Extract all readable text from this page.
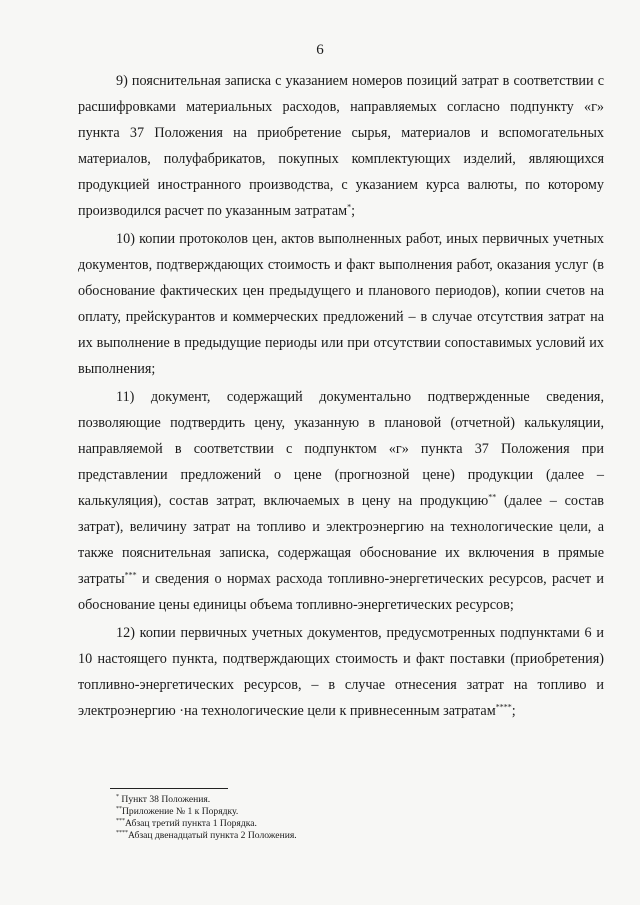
6

9) пояснительная записка с указанием номеров позиций затрат в соответствии с расшифровками материальных расходов, направляемых согласно подпункту «г» пункта 37 Положения на приобретение сырья, материалов и вспомогательных материалов, полуфабрикатов, покупных комплектующих изделий, являющихся продукцией иностранного производства, с указанием курса валюты, по которому производился расчет по указанным затратам*;

10) копии протоколов цен, актов выполненных работ, иных первичных учетных документов, подтверждающих стоимость и факт выполнения работ, оказания услуг (в обоснование фактических цен предыдущего и планового периодов), копии счетов на оплату, прейскурантов и коммерческих предложений – в случае отсутствия затрат на их выполнение в предыдущие периоды или при отсутствии сопоставимых условий их выполнения;

11) документ, содержащий документально подтвержденные сведения, позволяющие подтвердить цену, указанную в плановой (отчетной) калькуляции, направляемой в соответствии с подпунктом «г» пункта 37 Положения при представлении предложений о цене (прогнозной цене) продукции (далее – калькуляция), состав затрат, включаемых в цену на продукцию** (далее – состав затрат), величину затрат на топливо и электроэнергию на технологические цели, а также пояснительная записка, содержащая обоснование их включения в прямые затраты*** и сведения о нормах расхода топливно-энергетических ресурсов, расчет и обоснование цены единицы объема топливно-энергетических ресурсов;

12) копии первичных учетных документов, предусмотренных подпунктами 6 и 10 настоящего пункта, подтверждающих стоимость и факт поставки (приобретения) топливно-энергетических ресурсов, – в случае отнесения затрат на топливо и электроэнергию ·на технологические цели к привнесенным затратам****;

* Пункт 38 Положения.
**Приложение № 1 к Порядку.
***Абзац третий пункта 1 Порядка.
****Абзац двенадцатый пункта 2 Положения.
